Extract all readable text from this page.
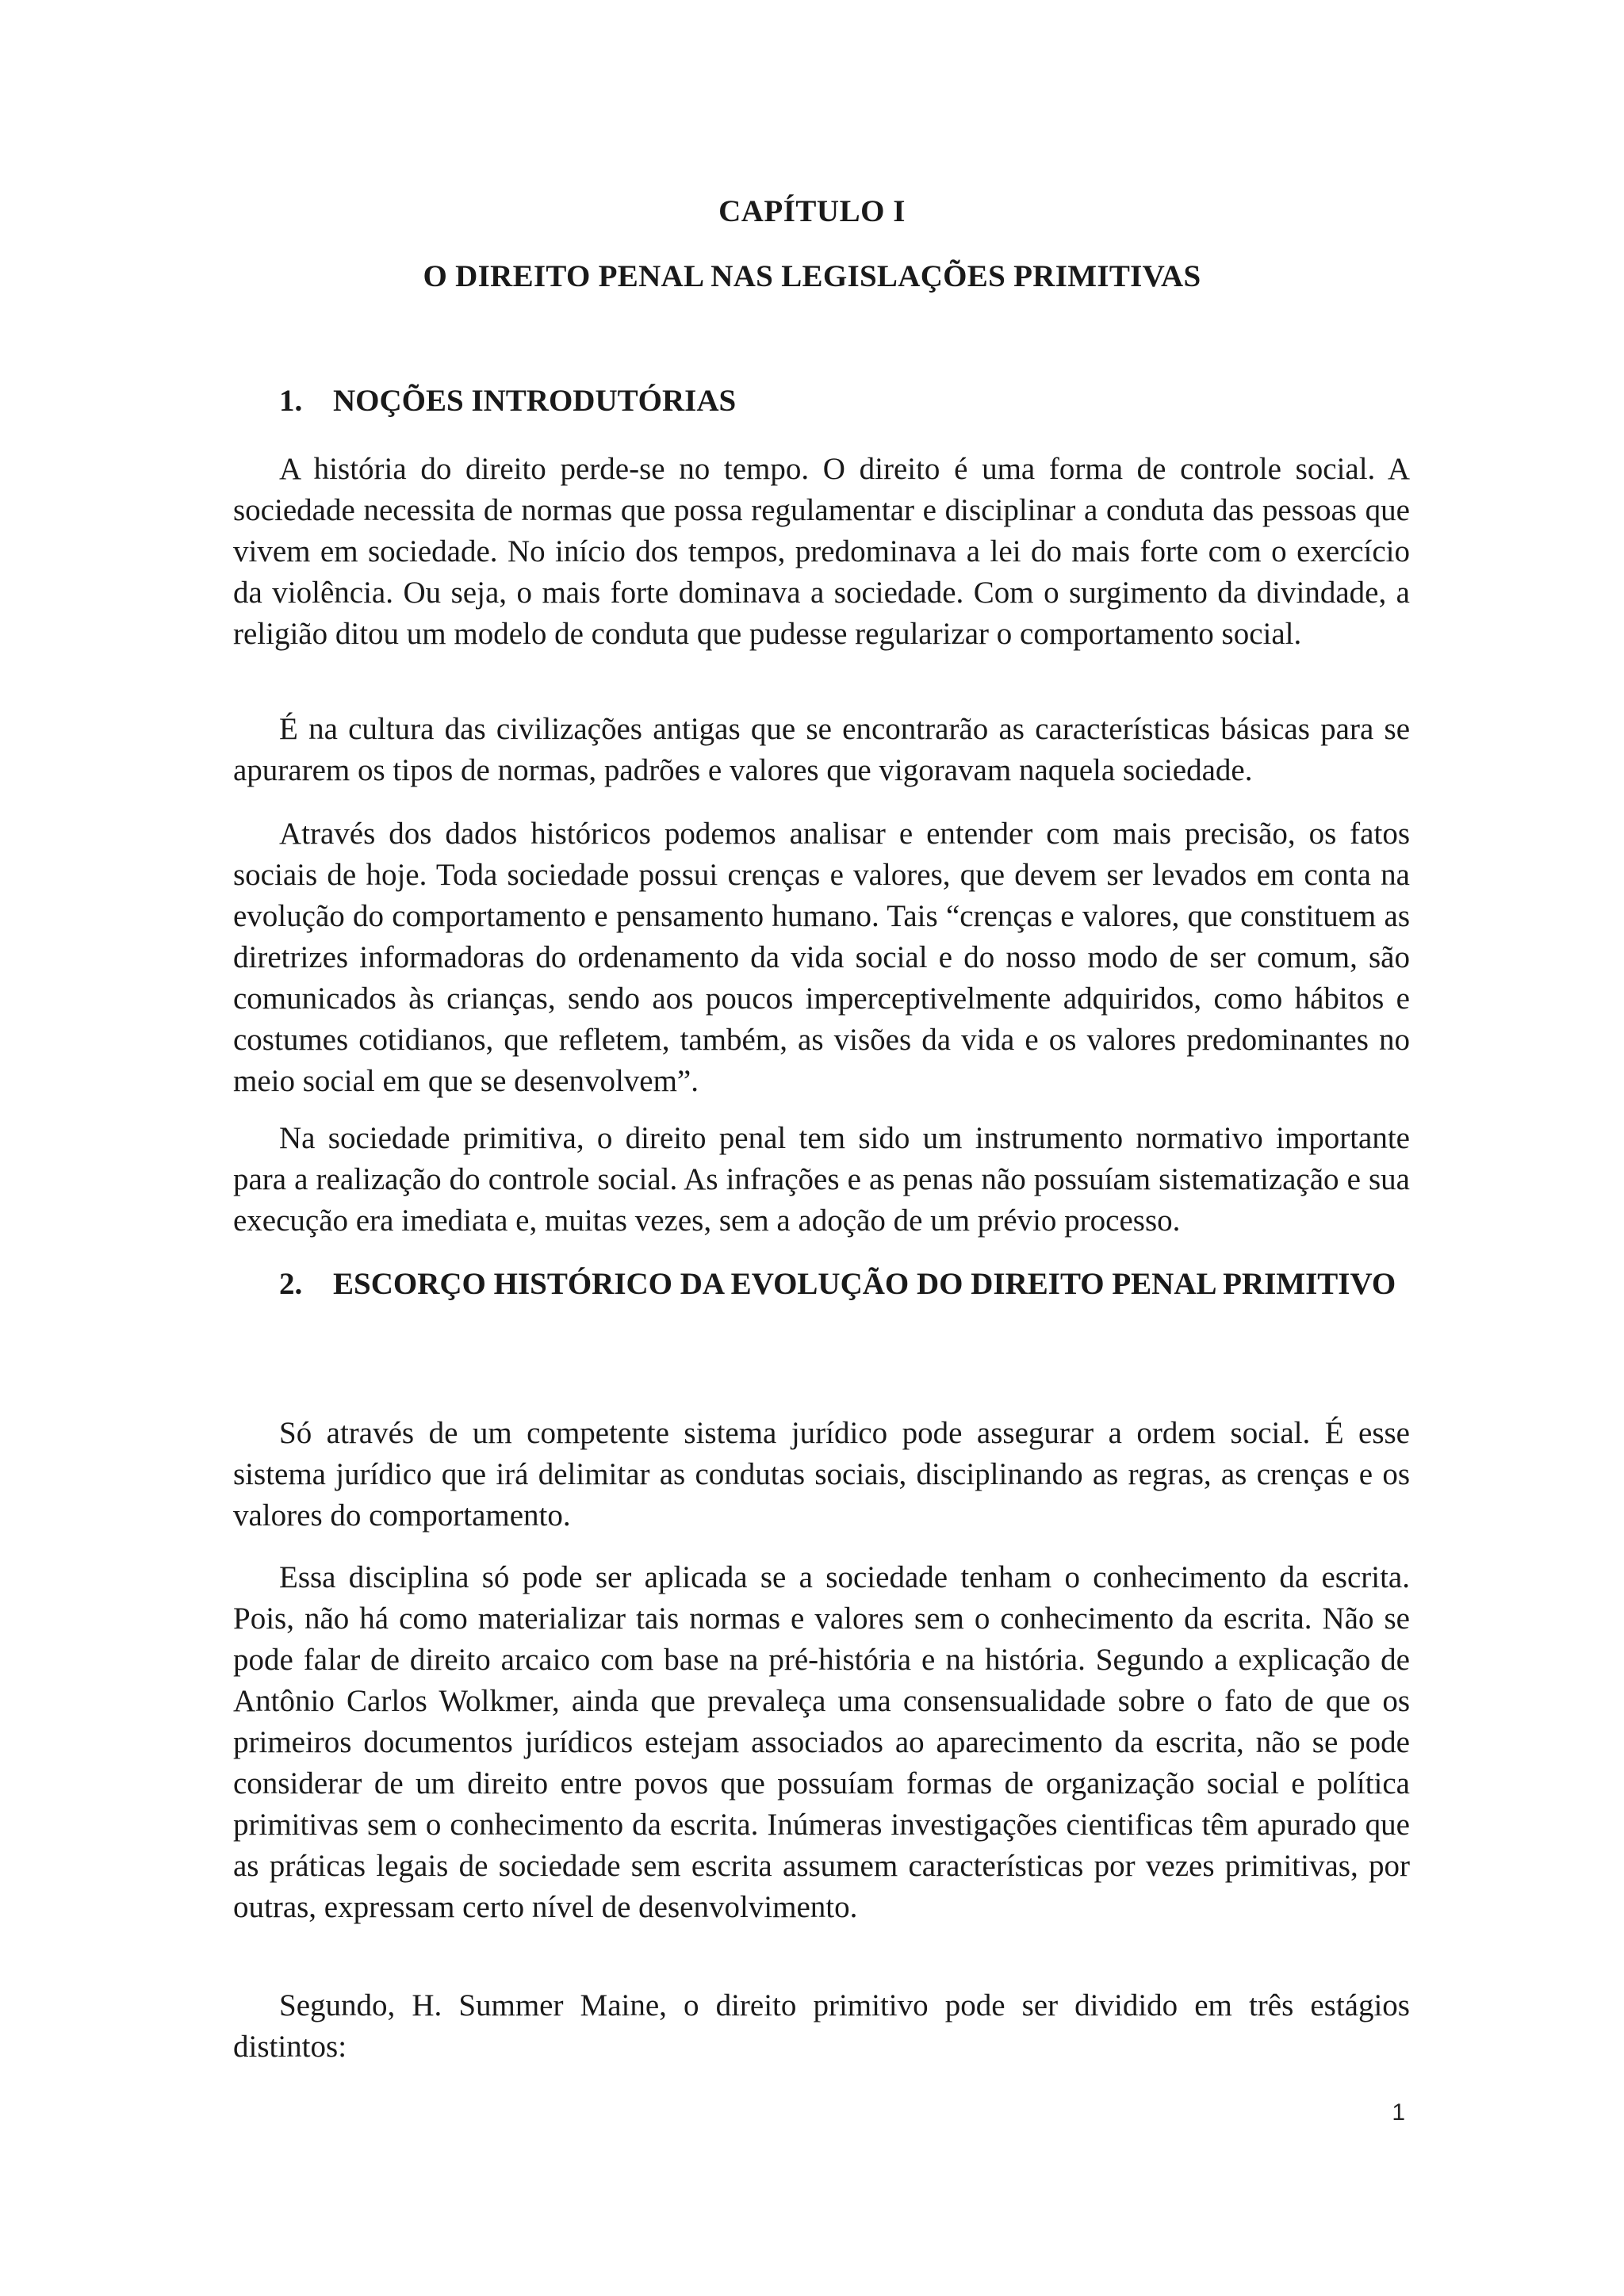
CAPÍTULO I
O DIREITO PENAL NAS LEGISLAÇÕES PRIMITIVAS
1. NOÇÕES INTRODUTÓRIAS

A história do direito perde-se no tempo. O direito é uma forma de controle social. A sociedade necessita de normas que possa regulamentar e disciplinar a conduta das pessoas que vivem em sociedade. No início dos tempos, predominava a lei do mais forte com o exercício da violência. Ou seja, o mais forte dominava a sociedade. Com o surgimento da divindade, a religião ditou um modelo de conduta que pudesse regularizar o comportamento social.

É na cultura das civilizações antigas que se encontrarão as características básicas para se apurarem os tipos de normas, padrões e valores que vigoravam naquela sociedade.

Através dos dados históricos podemos analisar e entender com mais precisão, os fatos sociais de hoje. Toda sociedade possui crenças e valores, que devem ser levados em conta na evolução do comportamento e pensamento humano. Tais “crenças e valores, que constituem as diretrizes informadoras do ordenamento da vida social e do nosso modo de ser comum, são comunicados às crianças, sendo aos poucos imperceptivelmente adquiridos, como hábitos e costumes cotidianos, que refletem, também, as visões da vida e os valores predominantes no meio social em que se desenvolvem”.

Na sociedade primitiva, o direito penal tem sido um instrumento normativo importante para a realização do controle social. As infrações e as penas não possuíam sistematização e sua execução era imediata e, muitas vezes, sem a adoção de um prévio processo.

2. ESCORÇO HISTÓRICO DA EVOLUÇÃO DO DIREITO PENAL PRIMITIVO

Só através de um competente sistema jurídico pode assegurar a ordem social. É esse sistema jurídico que irá delimitar as condutas sociais, disciplinando as regras, as crenças e os valores do comportamento.

Essa disciplina só pode ser aplicada se a sociedade tenham o conhecimento da escrita. Pois, não há como materializar tais normas e valores sem o conhecimento da escrita. Não se pode falar de direito arcaico com base na pré-história e na história. Segundo a explicação de Antônio Carlos Wolkmer, ainda que prevaleça uma consensualidade sobre o fato de que os primeiros documentos jurídicos estejam associados ao aparecimento da escrita, não se pode considerar de um direito entre povos que possuíam formas de organização social e política primitivas sem o conhecimento da escrita. Inúmeras investigações cientificas têm apurado que as práticas legais de sociedade sem escrita assumem características por vezes primitivas, por outras, expressam certo nível de desenvolvimento.

Segundo, H. Summer Maine, o direito primitivo pode ser dividido em três estágios distintos:

1
